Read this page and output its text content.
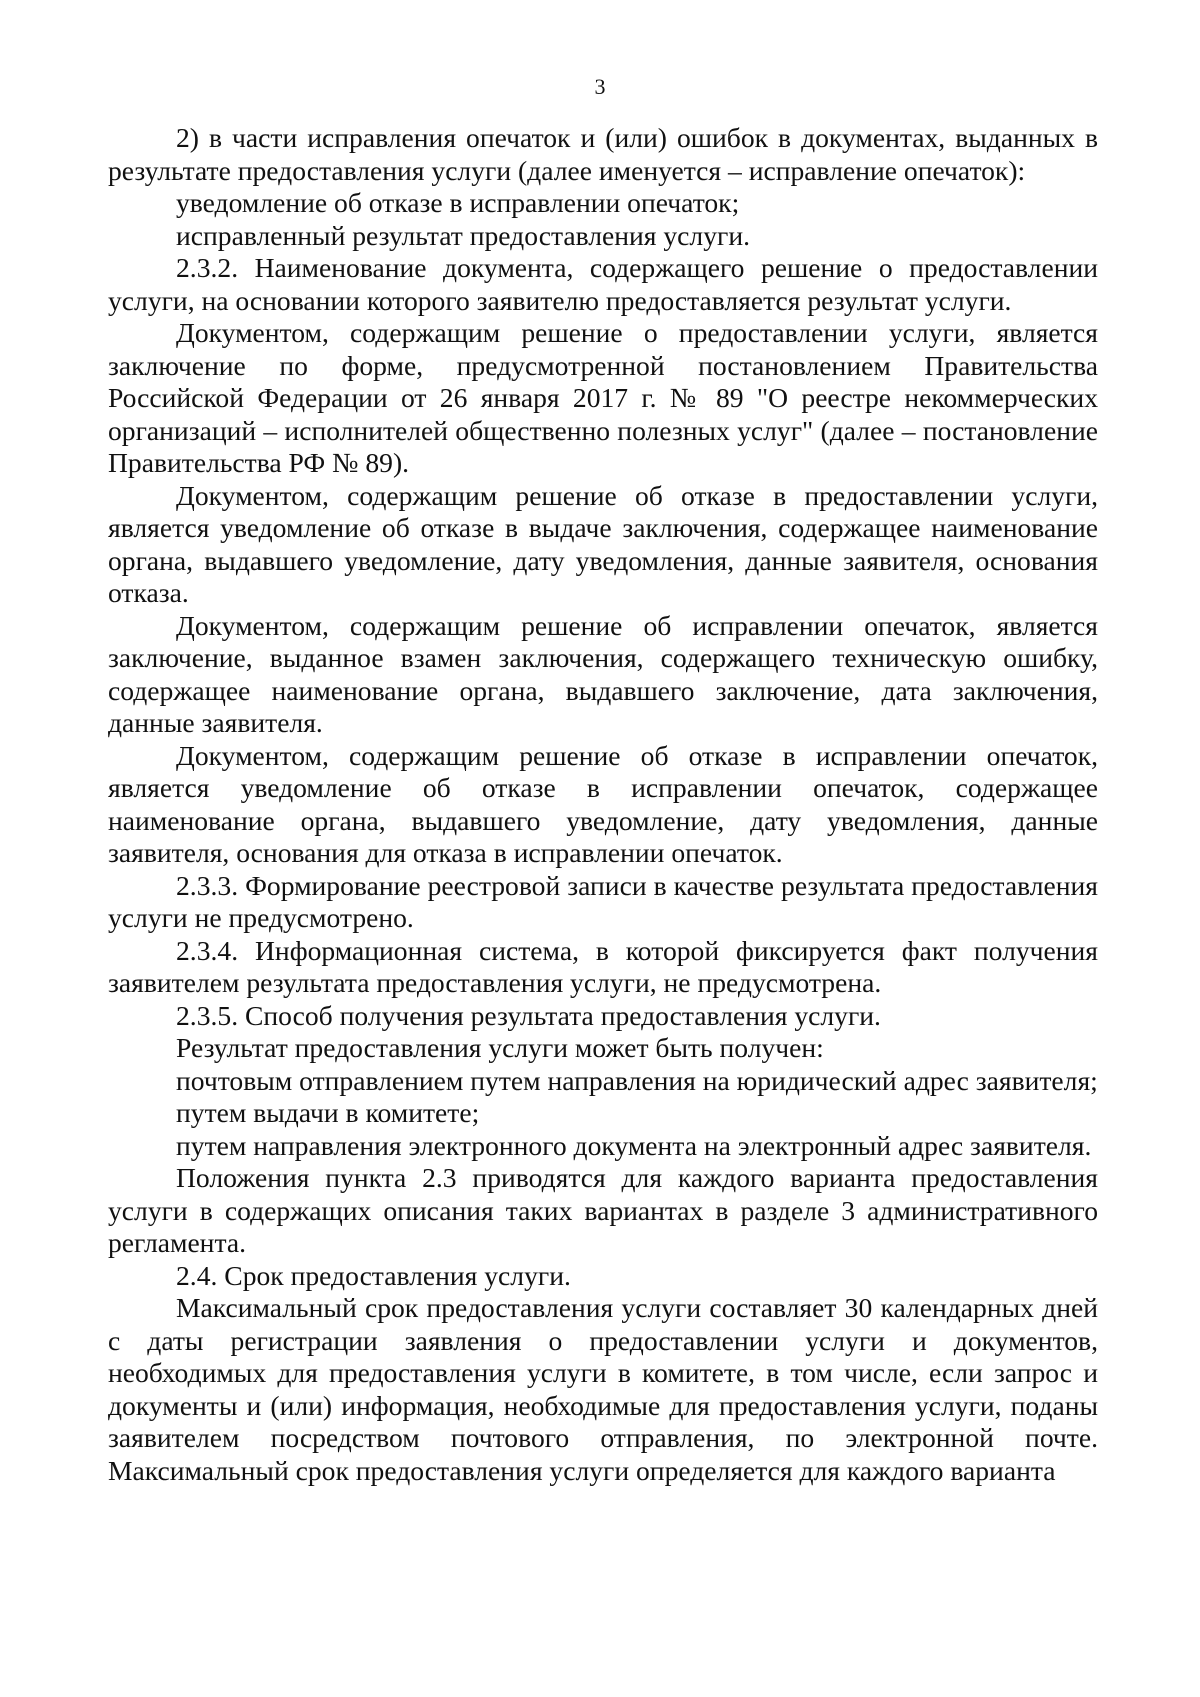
3

2) в части исправления опечаток и (или) ошибок в документах, выданных в результате предоставления услуги (далее именуется – исправление опечаток):

уведомление об отказе в исправлении опечаток;

исправленный результат предоставления услуги.

2.3.2. Наименование документа, содержащего решение о предоставлении услуги, на основании которого заявителю предоставляется результат услуги.

Документом, содержащим решение о предоставлении услуги, является заключение по форме, предусмотренной постановлением Правительства Российской Федерации от 26 января 2017 г. № 89 "О реестре некоммерческих организаций – исполнителей общественно полезных услуг" (далее – постановление Правительства РФ № 89).

Документом, содержащим решение об отказе в предоставлении услуги, является уведомление об отказе в выдаче заключения, содержащее наименование органа, выдавшего уведомление, дату уведомления, данные заявителя, основания отказа.

Документом, содержащим решение об исправлении опечаток, является заключение, выданное взамен заключения, содержащего техническую ошибку, содержащее наименование органа, выдавшего заключение, дата заключения, данные заявителя.

Документом, содержащим решение об отказе в исправлении опечаток, является уведомление об отказе в исправлении опечаток, содержащее наименование органа, выдавшего уведомление, дату уведомления, данные заявителя, основания для отказа в исправлении опечаток.

2.3.3. Формирование реестровой записи в качестве результата предоставления услуги не предусмотрено.

2.3.4. Информационная система, в которой фиксируется факт получения заявителем результата предоставления услуги, не предусмотрена.

2.3.5. Способ получения результата предоставления услуги.

Результат предоставления услуги может быть получен:

почтовым отправлением путем направления на юридический адрес заявителя;

путем выдачи в комитете;

путем направления электронного документа на электронный адрес заявителя.

Положения пункта 2.3 приводятся для каждого варианта предоставления услуги в содержащих описания таких вариантах в разделе 3 административного регламента.

2.4. Срок предоставления услуги.

Максимальный срок предоставления услуги составляет 30 календарных дней с даты регистрации заявления о предоставлении услуги и документов, необходимых для предоставления услуги в комитете, в том числе, если запрос и документы и (или) информация, необходимые для предоставления услуги, поданы заявителем посредством почтового отправления, по электронной почте. Максимальный срок предоставления услуги определяется для каждого варианта
